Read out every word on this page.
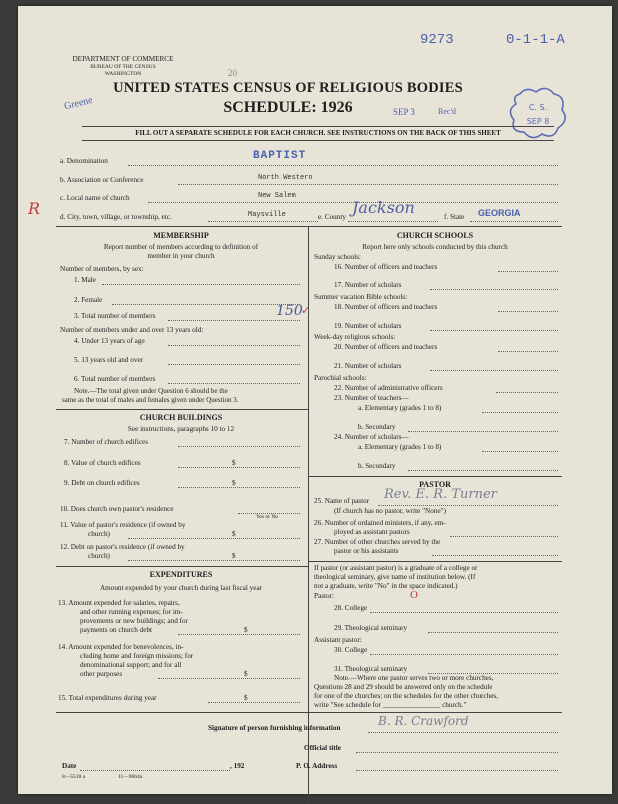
9273	0-1-1-A
DEPARTMENT OF COMMERCE
BUREAU OF THE CENSUS
WASHINGTON	20
UNITED STATES CENSUS OF RELIGIOUS BODIES
SCHEDULE: 1926
Greene	SEP 3	Rec'd	C. S.
SEP 8
FILL OUT A SEPARATE SCHEDULE FOR EACH CHURCH. SEE INSTRUCTIONS ON THE BACK OF THIS SHEET
a. Denomination	BAPTIST
b. Association or Conference	North Western
c. Local name of church	New Salem
R	d. City, town, village, or township, etc.	Maysville	e. County Jackson	f. State GEORGIA
MEMBERSHIP
Report number of members according to definition of
member in your church
Number of members, by sex:
1. Male
2. Female
3. Total number of members	150
✓
Number of members under and over 13 years old:
4. Under 13 years of age
5. 13 years old and over
6. Total number of members
Note.—The total given under Question 6 should be the
same as the total of males and females given under Question 3.
CHURCH BUILDINGS
See instructions, paragraphs 10 to 12
7. Number of church edifices
8. Value of church edifices	$
9. Debt on church edifices	$
10. Does church own pastor's residence
Yes or No
11. Value of pastor's residence (if owned by
church)	$
12. Debt on pastor's residence (if owned by
church)	$
EXPENDITURES
Amount expended by your church during last fiscal year
13. Amount expended for salaries, repairs,
and other running expenses; for im-
provements or new buildings; and for
payments on church debt	$
14. Amount expended for benevolences, in-
cluding home and foreign missions; for
denominational support; and for all
other purposes	$
15. Total expenditures during year	$
CHURCH SCHOOLS
Report here only schools conducted by this church
Sunday schools:
16. Number of officers and teachers
17. Number of scholars
Summer vacation Bible schools:
18. Number of officers and teachers
19. Number of scholars
Week-day religious schools:
20. Number of officers and teachers
21. Number of scholars
Parochial schools:
22. Number of administrative officers
23. Number of teachers—
a. Elementary (grades 1 to 8)
b. Secondary
24. Number of scholars—
a. Elementary (grades 1 to 8)
b. Secondary
PASTOR
25. Name of pastor Rev. E. R. Turner
(If church has no pastor, write "None")
26. Number of ordained ministers, if any, em-
ployed as assistant pastors
27. Number of other churches served by the
pastor or his assistants
If pastor (or assistant pastor) is a graduate of a college or
theological seminary, give name of institution below. (If
not a graduate, write "No" in the space indicated.)
Pastor:	O
28. College
29. Theological seminary
Assistant pastor:
30. College
31. Theological seminary
Note.—Where one pastor serves two or more churches,
Questions 28 and 29 should be answered only on the schedule
for one of the churches; on the schedules for the other churches,
write "See schedule for ________________ church."
Signature of person furnishing information	B. R. Crawford
Official title
Date	, 192	P. O. Address
8—5518 a	11—9664a
